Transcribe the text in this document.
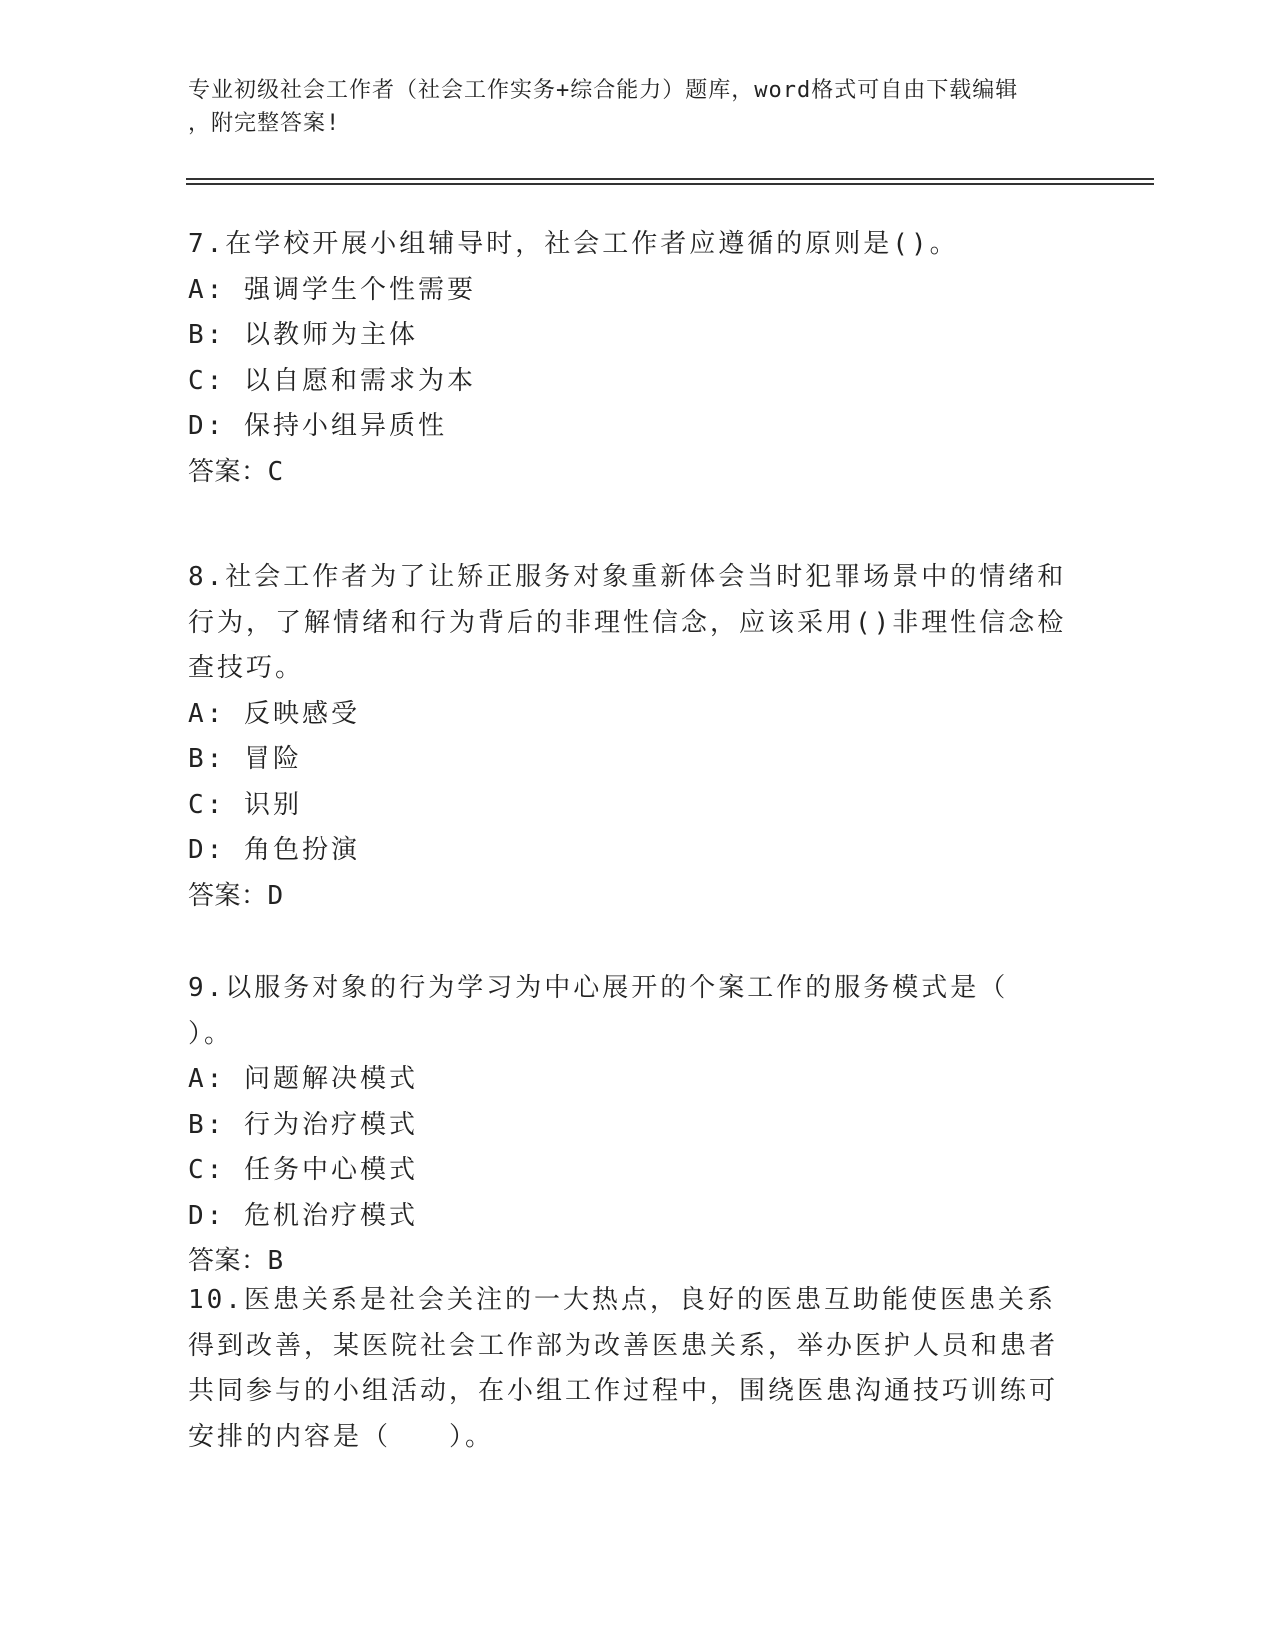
专业初级社会工作者（社会工作实务+综合能力）题库，word格式可自由下载编辑
，附完整答案!

7.在学校开展小组辅导时，社会工作者应遵循的原则是()。

A: 强调学生个性需要

B: 以教师为主体

C: 以自愿和需求为本

D: 保持小组异质性

答案：C

8.社会工作者为了让矫正服务对象重新体会当时犯罪场景中的情绪和行为，了解情绪和行为背后的非理性信念，应该采用()非理性信念检查技巧。

A: 反映感受

B: 冒险

C: 识别

D: 角色扮演

答案：D

9.以服务对象的行为学习为中心展开的个案工作的服务模式是（ ）。

A: 问题解决模式

B: 行为治疗模式

C: 任务中心模式

D: 危机治疗模式

答案：B

10.医患关系是社会关注的一大热点，良好的医患互助能使医患关系得到改善，某医院社会工作部为改善医患关系，举办医护人员和患者共同参与的小组活动，在小组工作过程中，围绕医患沟通技巧训练可安排的内容是（　　）。
